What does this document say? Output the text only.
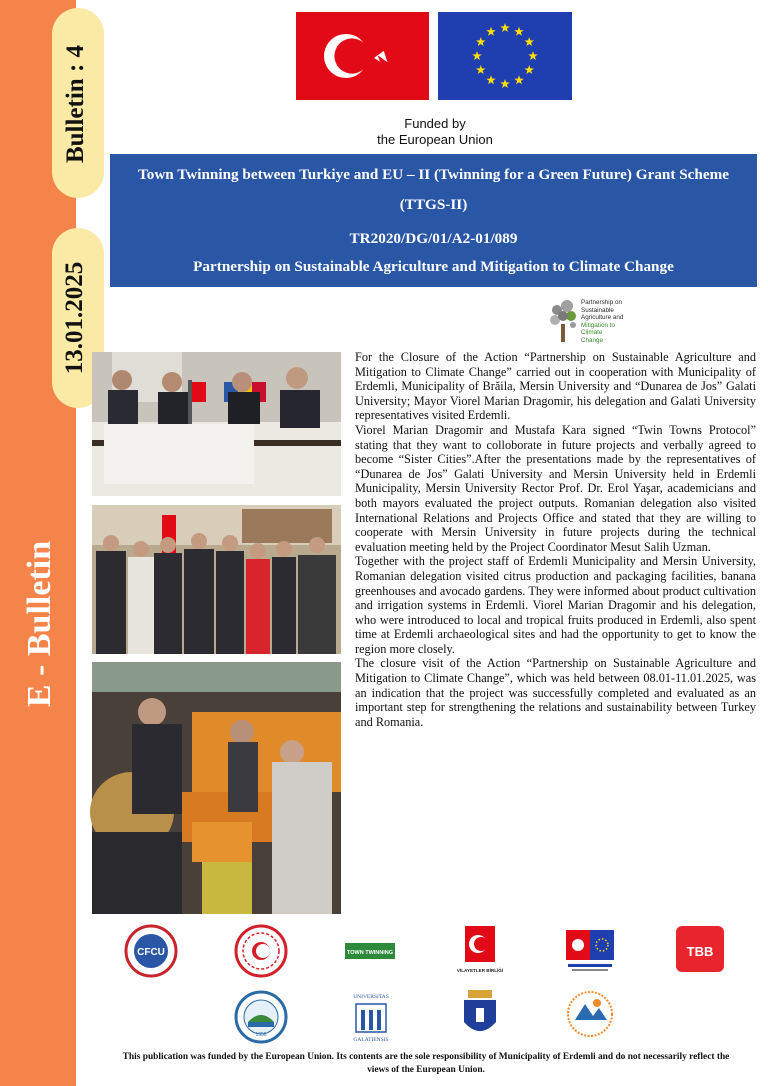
Bulletin : 4
13.01.2025
E - Bulletin
Funded by
the European Union
Town Twinning between Turkiye and EU – II (Twinning for a Green Future) Grant Scheme (TTGS-II)
TR2020/DG/01/A2-01/089
Partnership on Sustainable Agriculture and Mitigation to Climate Change
Partnership on
Sustainable
Agriculture and
Mitigation to
Climate
Change

For the Closure of the Action “Partnership on Sustainable Agriculture and Mitigation to Climate Change” carried out in cooperation with Municipality of Erdemli, Municipality of Brăila, Mersin University and “Dunarea de Jos” Galati University; Mayor Viorel Marian Dragomir, his delegation and Galati University representatives visited Erdemli.

Viorel Marian Dragomir and Mustafa Kara signed “Twin Towns Protocol” stating that they want to colloborate in future projects and verbally agreed to become “Sister Cities”.After the presentations made by the representatives of “Dunarea de Jos” Galati University and Mersin University held in Erdemli Municipality, Mersin University Rector Prof. Dr. Erol Yaşar, academicians and both mayors evaluated the project outputs. Romanian delegation also visited International Relations and Projects Office and stated that they are willing to cooperate with Mersin University in future projects during the technical evaluation meeting held by the Project Coordinator Mesut Salih Uzman.

Together with the project staff of Erdemli Municipality and Mersin University, Romanian delegation visited citrus production and packaging facilities, banana greenhouses and avocado gardens. They were informed about product cultivation and irrigation systems in Erdemli. Viorel Marian Dragomir and his delegation, who were introduced to local and tropical fruits produced in Erdemli, also spent time at Erdemli archaeological sites and had the opportunity to get to know the region more closely.

The closure visit of the Action “Partnership on Sustainable Agriculture and Mitigation to Climate Change”, which was held between 08.01-11.01.2025, was an indication that the project was successfully completed and evaluated as an important step for strengthening the relations and sustainability between Turkey and Romania.

CFCU	TOWN TWINNING
VİLAYETLER BİRLİĞİ
TBB
1956
UNIVERSITAS
GALATIENSIS
This publication was funded by the European Union. Its contents are the sole responsibility of Municipality of Erdemli and do not necessarily reflect the
views of the European Union.
